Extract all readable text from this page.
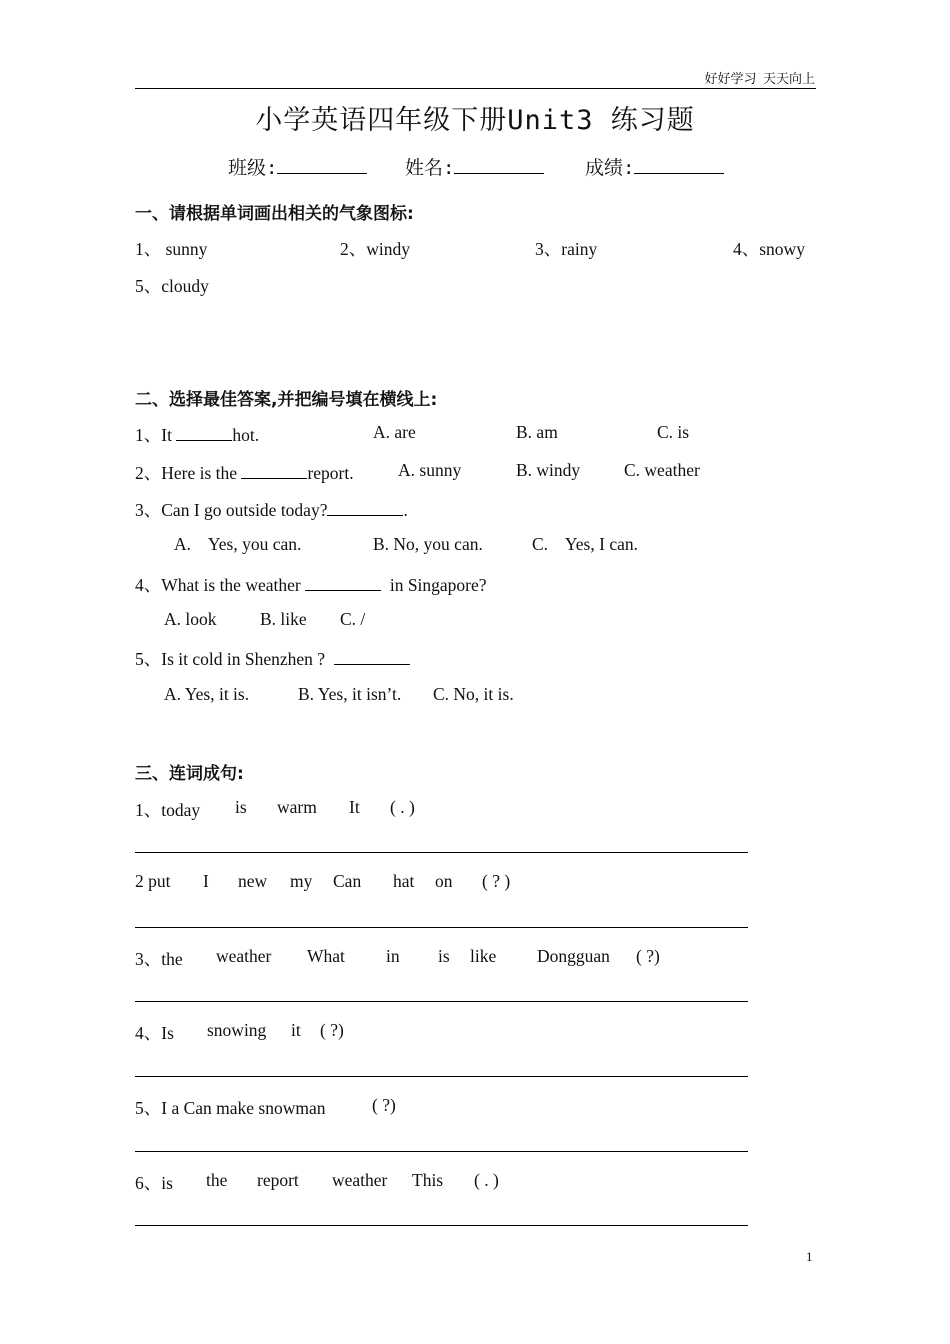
好好学习  天天向上
小学英语四年级下册Unit3 练习题
班级:	姓名:	成绩:
一、请根据单词画出相关的气象图标:
1、 sunny	2、windy	3、rainy	4、snowy
5、cloudy
二、选择最佳答案,并把编号填在横线上:
1、It	hot.	A. are	B. am	C. is
2、Here is the	report.	A. sunny	B. windy	C. weather
3、Can I go outside today?	.
A.    Yes, you can.	B. No, you can.	C.    Yes, I can.
4、What is the weather	in Singapore?
A. look B. like C. /
5、Is it cold in Shenzhen ?
A. Yes, it is.	B. Yes, it isn’t. C. No, it is.
三、连词成句:
1、today is warm It ( . )
2 put I new my Can hat on ( ? )
3、the weather What in is like Dongguan ( ?)
4、Is snowing it ( ?)
5、I a Can make snowman	( ?)
6、is the report weather This ( . )
1
